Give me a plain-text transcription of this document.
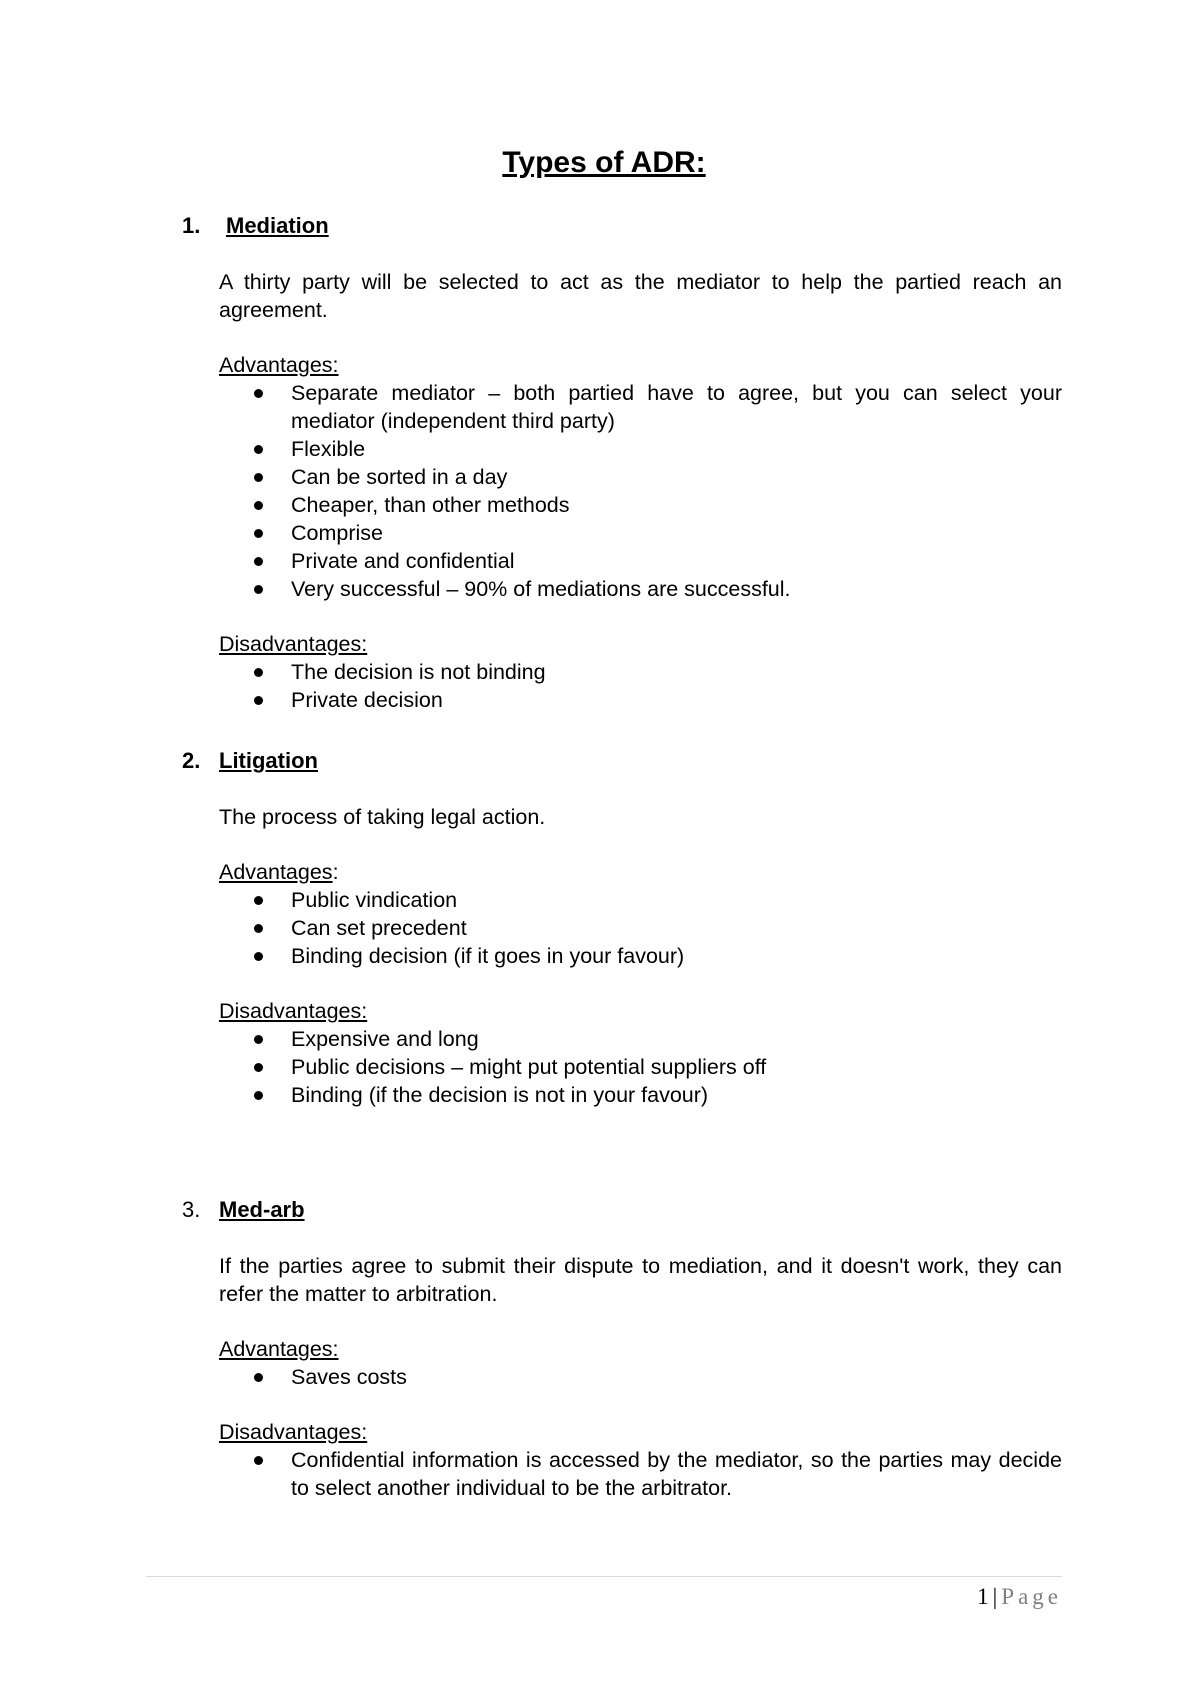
Types of ADR:
1. Mediation

A thirty party will be selected to act as the mediator to help the partied reach an agreement.

Advantages:
Separate mediator – both partied have to agree, but you can select your mediator (independent third party)
Flexible
Can be sorted in a day
Cheaper, than other methods
Comprise
Private and confidential
Very successful – 90% of mediations are successful.
Disadvantages:
The decision is not binding
Private decision
2. Litigation

The process of taking legal action.

Advantages:
Public vindication
Can set precedent
Binding decision (if it goes in your favour)
Disadvantages:
Expensive and long
Public decisions – might put potential suppliers off
Binding (if the decision is not in your favour)
3. Med-arb

If the parties agree to submit their dispute to mediation, and it doesn't work, they can refer the matter to arbitration.

Advantages:
Saves costs
Disadvantages:
Confidential information is accessed by the mediator, so the parties may decide to select another individual to be the arbitrator.
1 | Page
